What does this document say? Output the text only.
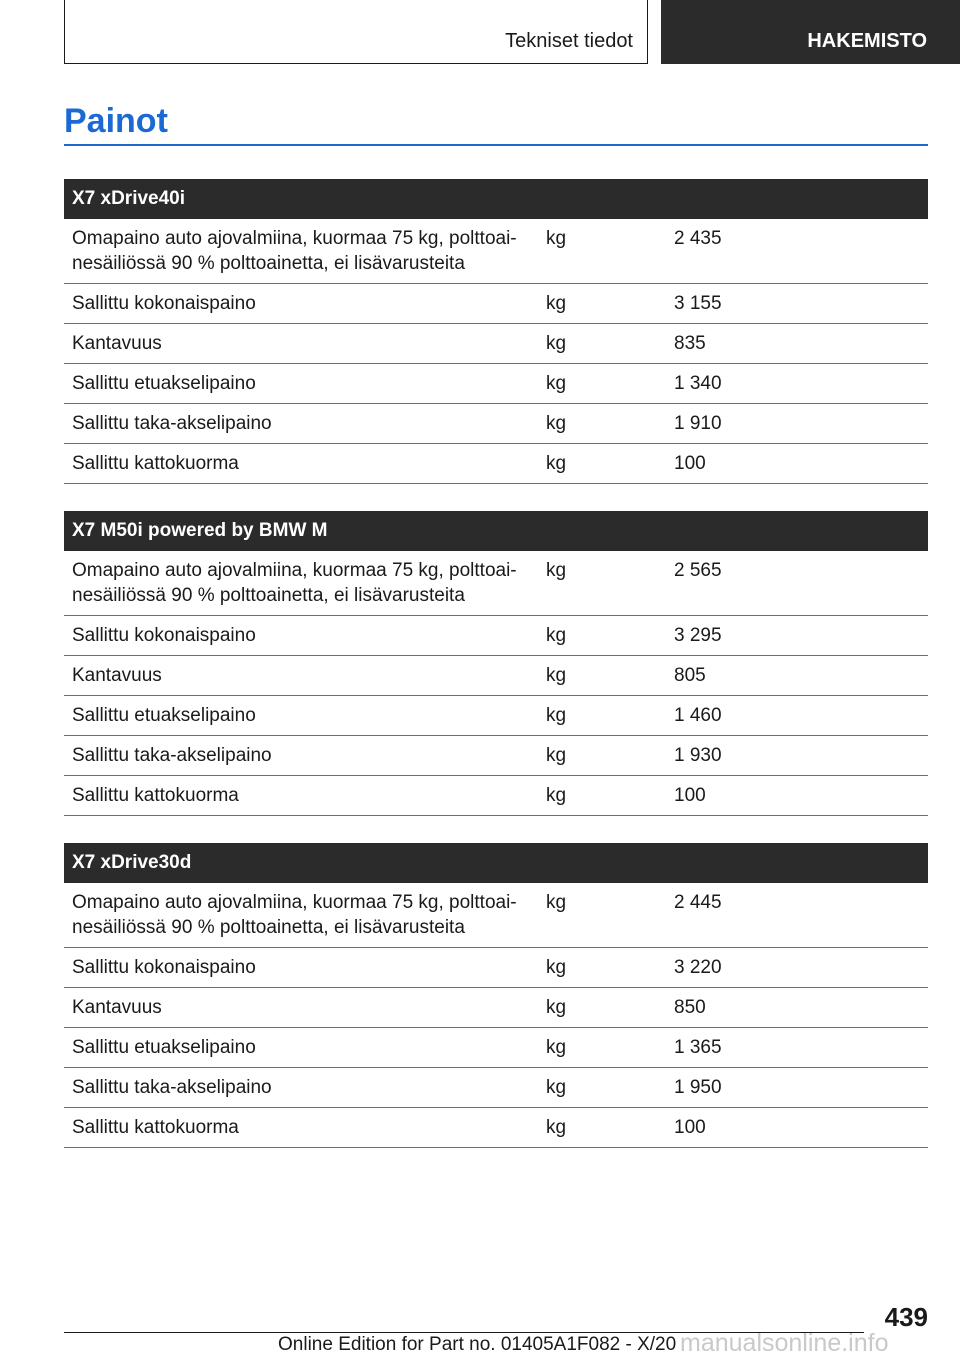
Tekniset tiedot	HAKEMISTO
Painot
X7 xDrive40i		
Omapaino auto ajovalmiina, kuormaa 75 kg, polttoai‐ nesäiliössä 90 % polttoainetta, ei lisävarusteita	kg	2 435
Sallittu kokonaispaino	kg	3 155
Kantavuus	kg	835
Sallittu etuakselipaino	kg	1 340
Sallittu taka-akselipaino	kg	1 910
Sallittu kattokuorma	kg	100
X7 M50i powered by BMW M		
Omapaino auto ajovalmiina, kuormaa 75 kg, polttoai‐ nesäiliössä 90 % polttoainetta, ei lisävarusteita	kg	2 565
Sallittu kokonaispaino	kg	3 295
Kantavuus	kg	805
Sallittu etuakselipaino	kg	1 460
Sallittu taka-akselipaino	kg	1 930
Sallittu kattokuorma	kg	100
X7 xDrive30d		
Omapaino auto ajovalmiina, kuormaa 75 kg, polttoai‐ nesäiliössä 90 % polttoainetta, ei lisävarusteita	kg	2 445
Sallittu kokonaispaino	kg	3 220
Kantavuus	kg	850
Sallittu etuakselipaino	kg	1 365
Sallittu taka-akselipaino	kg	1 950
Sallittu kattokuorma	kg	100
439
Online Edition for Part no. 01405A1F082 - X/20 manualsonline.info
